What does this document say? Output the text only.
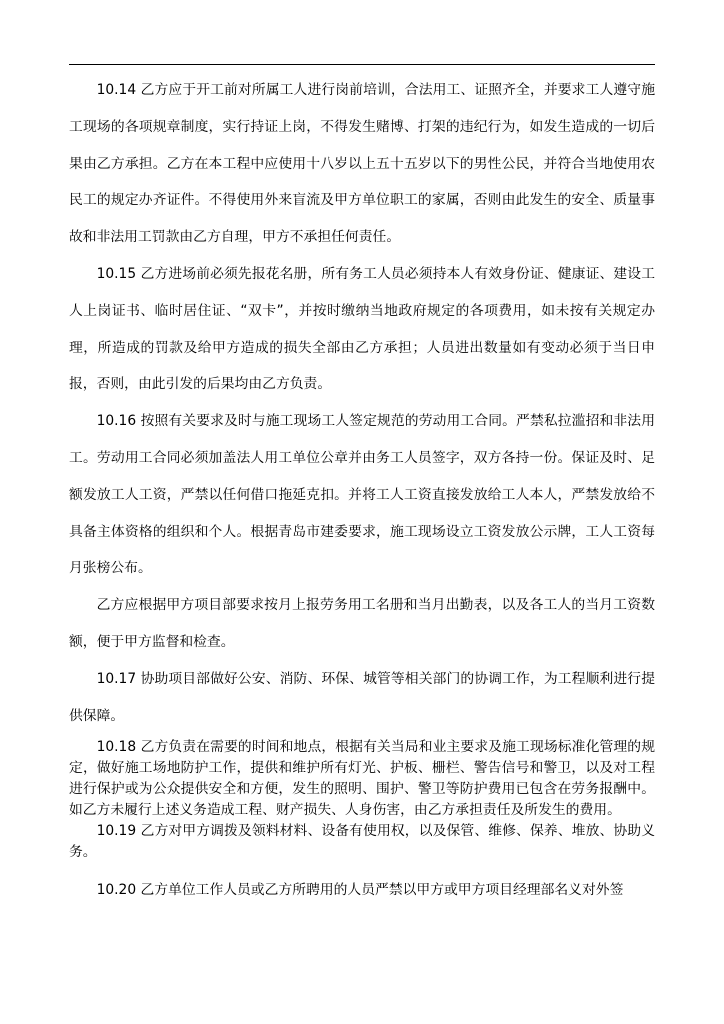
10.14 乙方应于开工前对所属工人进行岗前培训，合法用工、证照齐全，并要求工人遵守施工现场的各项规章制度，实行持证上岗，不得发生赌博、打架的违纪行为，如发生造成的一切后果由乙方承担。乙方在本工程中应使用十八岁以上五十五岁以下的男性公民，并符合当地使用农民工的规定办齐证件。不得使用外来盲流及甲方单位职工的家属，否则由此发生的安全、质量事故和非法用工罚款由乙方自理，甲方不承担任何责任。

10.15 乙方进场前必须先报花名册，所有务工人员必须持本人有效身份证、健康证、建设工人上岗证书、临时居住证、“双卡”，并按时缴纳当地政府规定的各项费用，如未按有关规定办理，所造成的罚款及给甲方造成的损失全部由乙方承担；人员进出数量如有变动必须于当日申报，否则，由此引发的后果均由乙方负责。

10.16 按照有关要求及时与施工现场工人签定规范的劳动用工合同。严禁私拉滥招和非法用工。劳动用工合同必须加盖法人用工单位公章并由务工人员签字，双方各持一份。保证及时、足额发放工人工资，严禁以任何借口拖延克扣。并将工人工资直接发放给工人本人，严禁发放给不具备主体资格的组织和个人。根据青岛市建委要求，施工现场设立工资发放公示牌，工人工资每月张榜公布。

乙方应根据甲方项目部要求按月上报劳务用工名册和当月出勤表，以及各工人的当月工资数额，便于甲方监督和检查。

10.17 协助项目部做好公安、消防、环保、城管等相关部门的协调工作，为工程顺利进行提供保障。

10.18 乙方负责在需要的时间和地点，根据有关当局和业主要求及施工现场标准化管理的规定，做好施工场地防护工作，提供和维护所有灯光、护板、栅栏、警告信号和警卫，以及对工程进行保护或为公众提供安全和方便，发生的照明、围护、警卫等防护费用已包含在劳务报酬中。如乙方未履行上述义务造成工程、财产损失、人身伤害，由乙方承担责任及所发生的费用。

10.19 乙方对甲方调拨及领料材料、设备有使用权，以及保管、维修、保养、堆放、协助义务。

10.20 乙方单位工作人员或乙方所聘用的人员严禁以甲方或甲方项目经理部名义对外签
